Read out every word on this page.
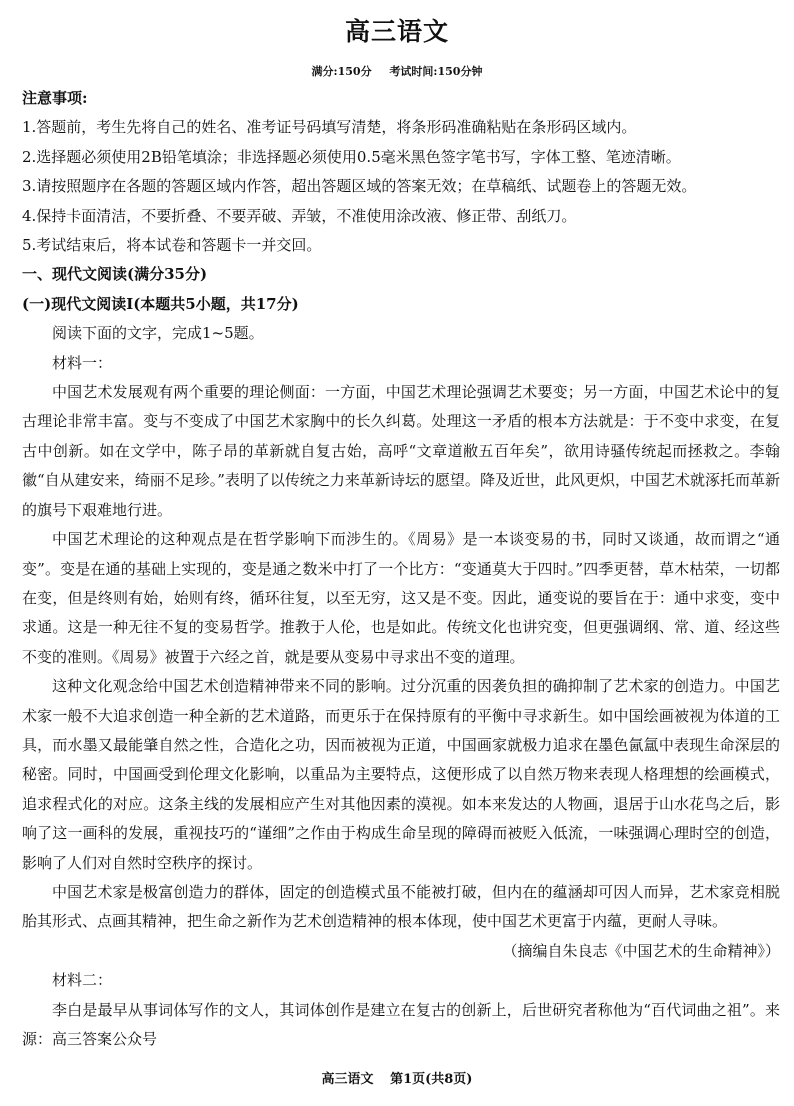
高三语文
满分:150分 考试时间:150分钟

注意事项:

1.答题前，考生先将自己的姓名、准考证号码填写清楚，将条形码准确粘贴在条形码区域内。

2.选择题必须使用2B铅笔填涂；非选择题必须使用0.5毫米黑色签字笔书写，字体工整、笔迹清晰。

3.请按照题序在各题的答题区域内作答，超出答题区域的答案无效；在草稿纸、试题卷上的答题无效。

4.保持卡面清洁，不要折叠、不要弄破、弄皱，不准使用涂改液、修正带、刮纸刀。

5.考试结束后，将本试卷和答题卡一并交回。

一、现代文阅读(满分35分)

(一)现代文阅读Ⅰ(本题共5小题，共17分)

阅读下面的文字，完成1~5题。

材料一：

中国艺术发展观有两个重要的理论侧面：一方面，中国艺术理论强调艺术要变；另一方面，中国艺术论中的复古理论非常丰富。变与不变成了中国艺术家胸中的长久纠葛。处理这一矛盾的根本方法就是：于不变中求变，在复古中创新。如在文学中，陈子昂的革新就自复古始，高呼“文章道敝五百年矣”，欲用诗骚传统起而拯救之。李翰徽“自从建安来，绮丽不足珍。”表明了以传统之力来革新诗坛的愿望。降及近世，此风更炽，中国艺术就涿托而革新的旗号下艰难地行进。

中国艺术理论的这种观点是在哲学影响下而涉生的。《周易》是一本谈变易的书，同时又谈通，故而谓之“通变”。变是在通的基础上实现的，变是通之数米中打了一个比方：“变通莫大于四时。”四季更替，草木枯荣，一切都在变，但是终则有始，始则有终，循环往复，以至无穷，这又是不变。因此，通变说的要旨在于：通中求变，变中求通。这是一种无往不复的变易哲学。推教于人伦，也是如此。传统文化也讲究变，但更强调纲、常、道、经这些不变的准则。《周易》被置于六经之首，就是要从变易中寻求出不变的道理。

这种文化观念给中国艺术创造精神带来不同的影响。过分沉重的因袭负担的确抑制了艺术家的创造力。中国艺术家一般不大追求创造一种全新的艺术道路，而更乐于在保持原有的平衡中寻求新生。如中国绘画被视为体道的工具，而水墨又最能肇自然之性，合造化之功，因而被视为正道，中国画家就极力追求在墨色氤氲中表现生命深层的秘密。同时，中国画受到伦理文化影响，以重品为主要特点，这便形成了以自然万物来表现人格理想的绘画模式，追求程式化的对应。这条主线的发展相应产生对其他因素的漠视。如本来发达的人物画，退居于山水花鸟之后，影响了这一画科的发展，重视技巧的“谨细”之作由于构成生命呈现的障碍而被贬入低流，一味强调心理时空的创造，影响了人们对自然时空秩序的探讨。

中国艺术家是极富创造力的群体，固定的创造模式虽不能被打破，但内在的蕴涵却可因人而异，艺术家竞相脱胎其形式、点画其精神，把生命之新作为艺术创造精神的根本体现，使中国艺术更富于内蕴，更耐人寻味。

（摘编自朱良志《中国艺术的生命精神》）

材料二：

李白是最早从事词体写作的文人，其词体创作是建立在复古的创新上，后世研究者称他为“百代词曲之祖”。来源：高三答案公众号

高三语文 第1页(共8页)
